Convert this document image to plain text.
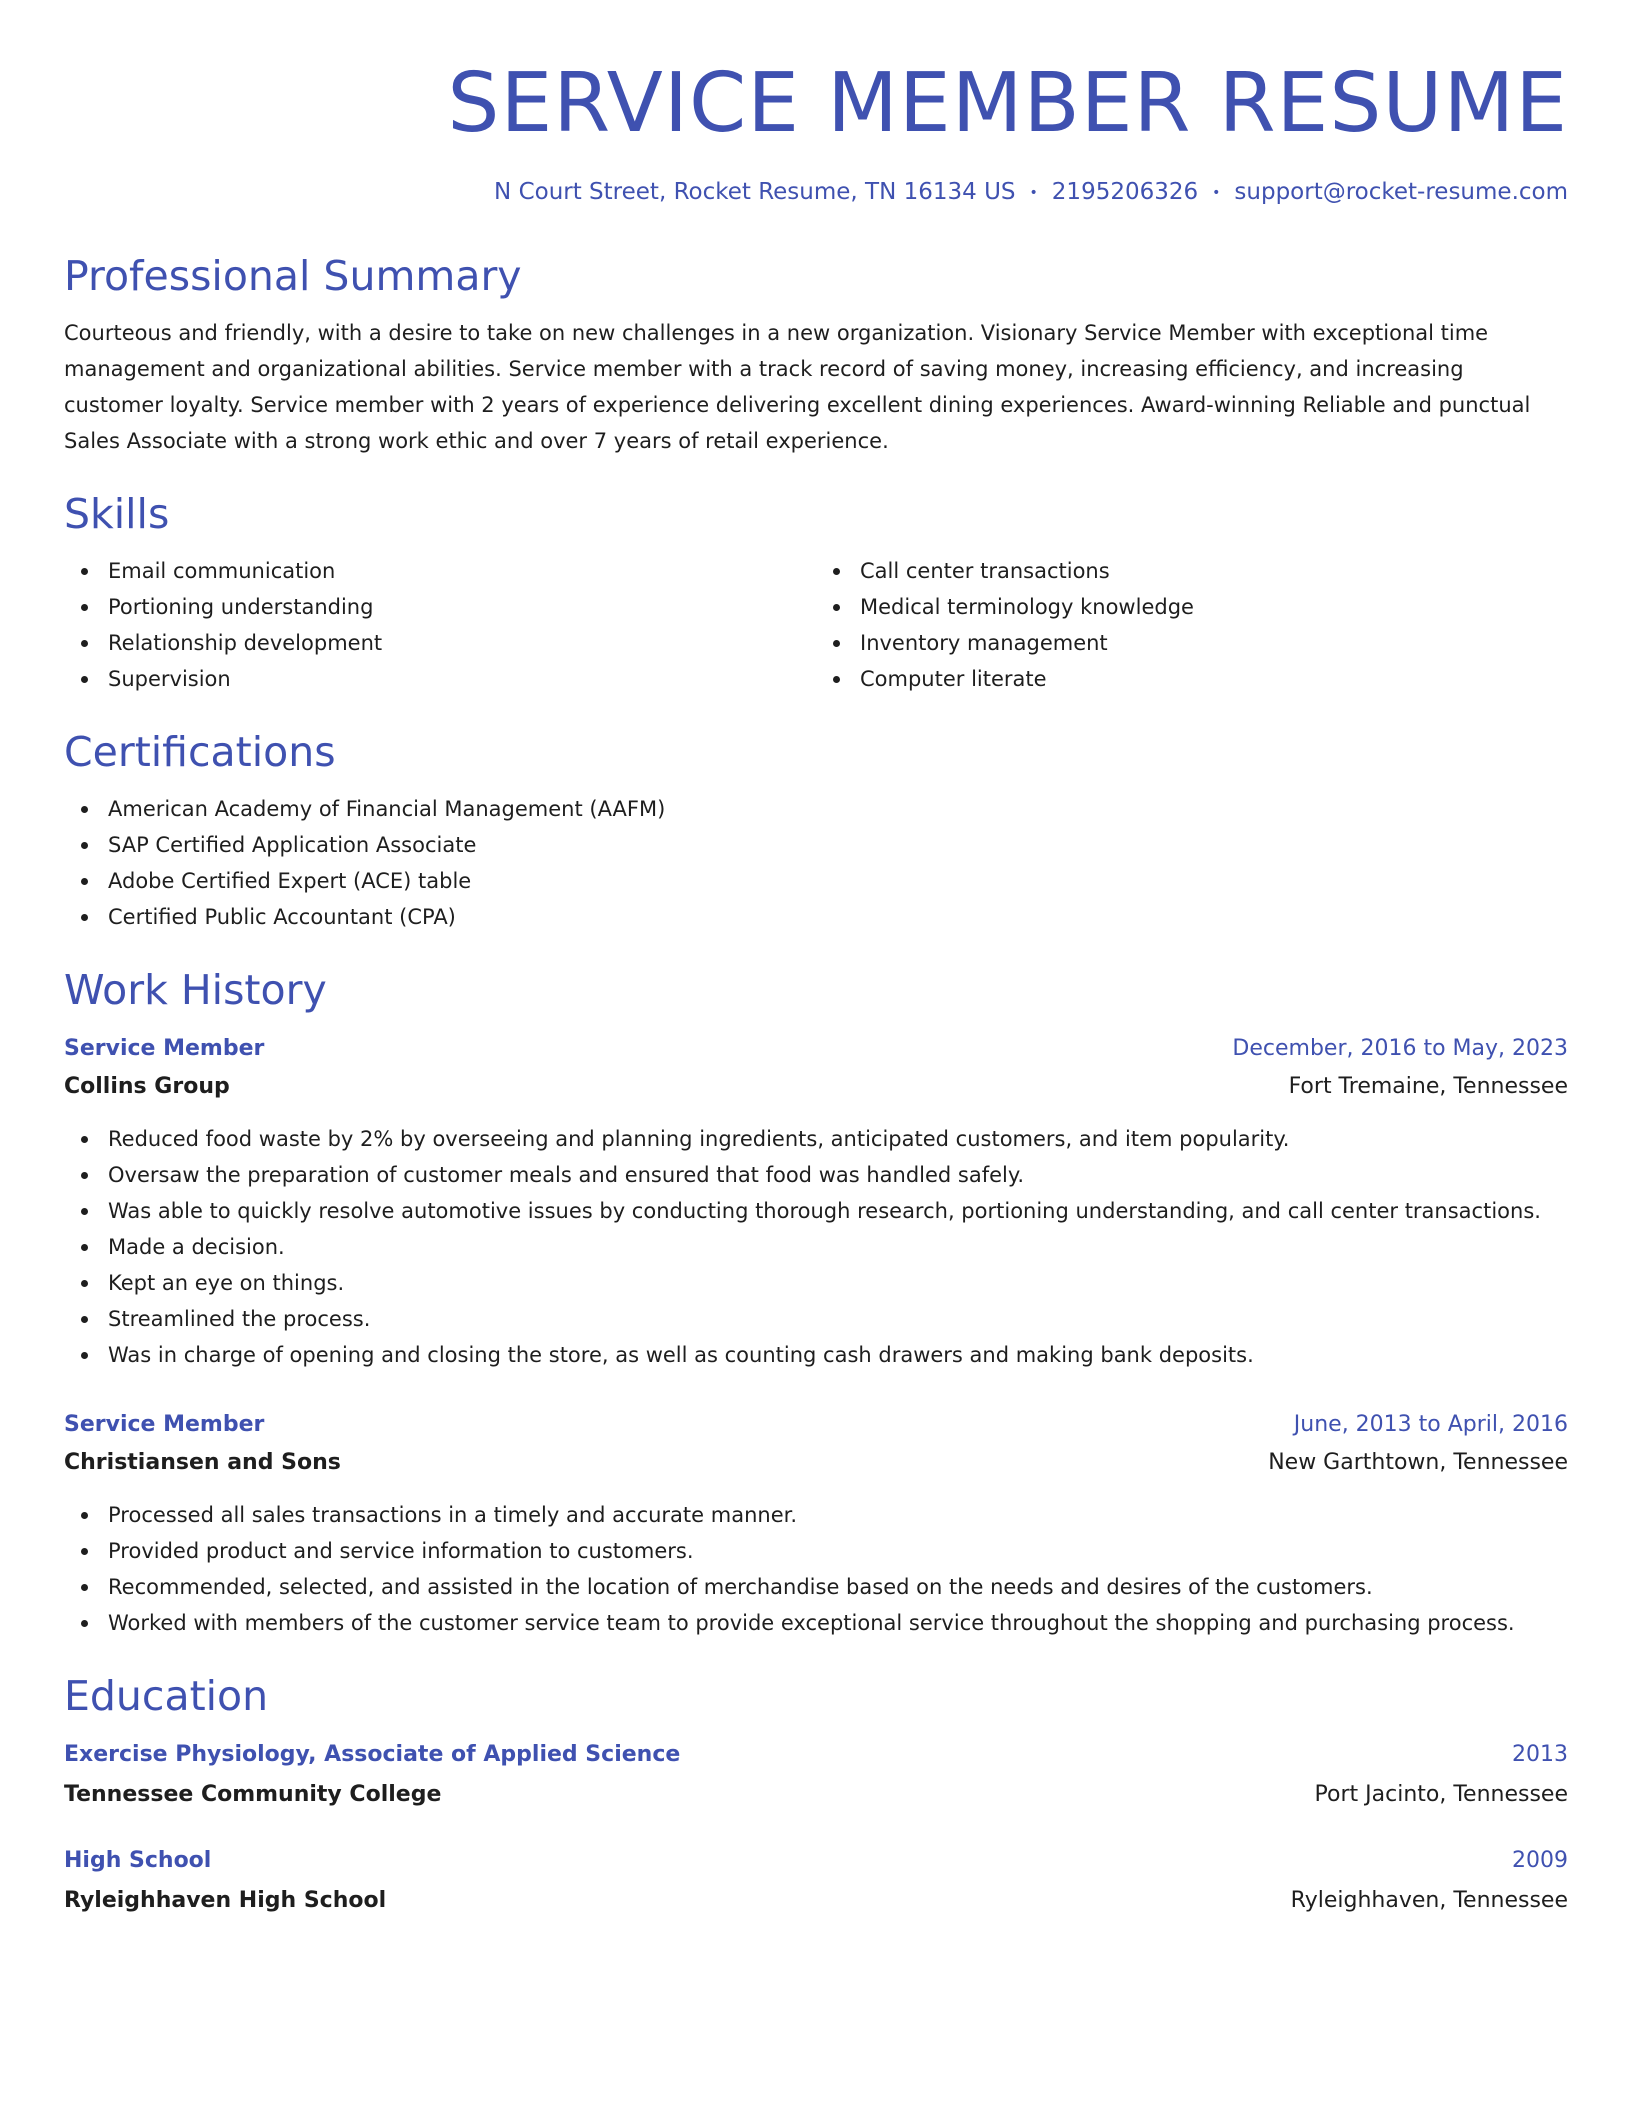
SERVICE MEMBER RESUME
N Court Street, Rocket Resume, TN 16134 US • 2195206326 • support@rocket-resume.com
Professional Summary

Courteous and friendly, with a desire to take on new challenges in a new organization. Visionary Service Member with exceptional time management and organizational abilities. Service member with a track record of saving money, increasing efficiency, and increasing customer loyalty. Service member with 2 years of experience delivering excellent dining experiences. Award-winning Reliable and punctual Sales Associate with a strong work ethic and over 7 years of retail experience.

Skills
Email communication
Portioning understanding
Relationship development
Supervision
Call center transactions
Medical terminology knowledge
Inventory management
Computer literate
Certifications
American Academy of Financial Management (AAFM)
SAP Certified Application Associate
Adobe Certified Expert (ACE) table
Certified Public Accountant (CPA)
Work History
Service Member	December, 2016 to May, 2023
Collins Group	Fort Tremaine, Tennessee
Reduced food waste by 2% by overseeing and planning ingredients, anticipated customers, and item popularity.
Oversaw the preparation of customer meals and ensured that food was handled safely.
Was able to quickly resolve automotive issues by conducting thorough research, portioning understanding, and call center transactions.
Made a decision.
Kept an eye on things.
Streamlined the process.
Was in charge of opening and closing the store, as well as counting cash drawers and making bank deposits.
Service Member	June, 2013 to April, 2016
Christiansen and Sons	New Garthtown, Tennessee
Processed all sales transactions in a timely and accurate manner.
Provided product and service information to customers.
Recommended, selected, and assisted in the location of merchandise based on the needs and desires of the customers.
Worked with members of the customer service team to provide exceptional service throughout the shopping and purchasing process.
Education
Exercise Physiology, Associate of Applied Science	2013
Tennessee Community College	Port Jacinto, Tennessee
High School	2009
Ryleighhaven High School	Ryleighhaven, Tennessee
